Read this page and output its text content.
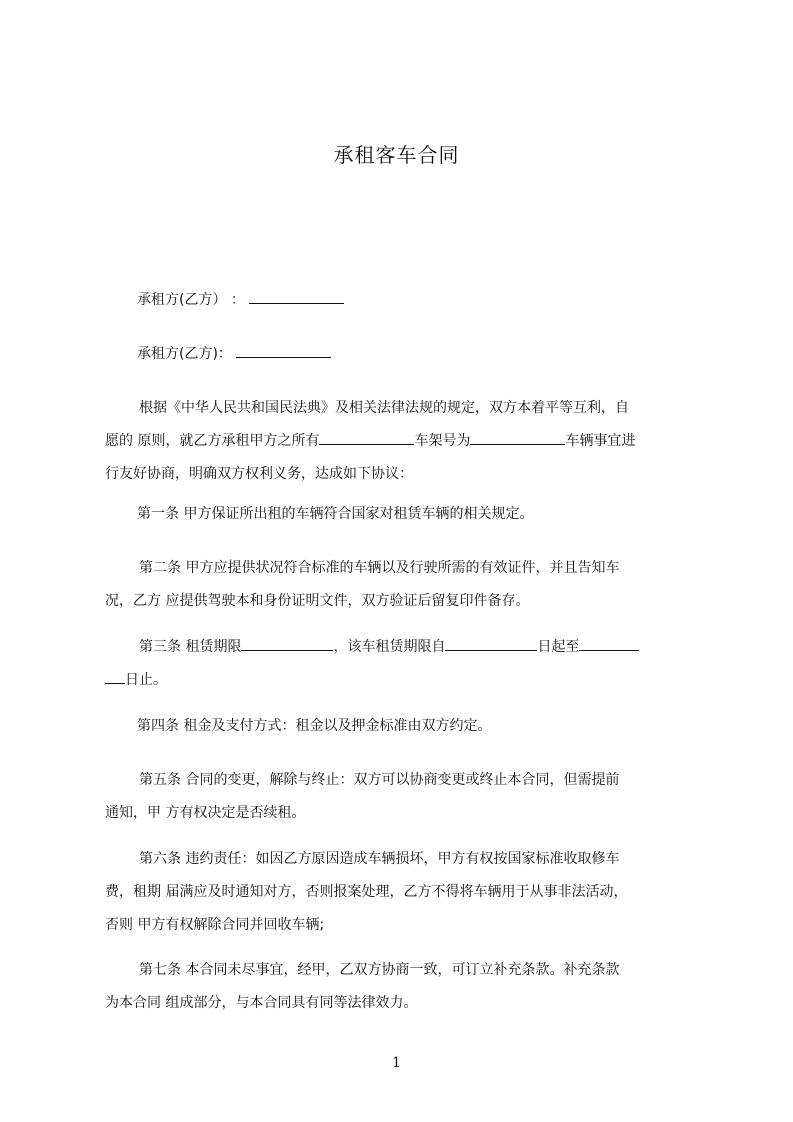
承租客车合同
承租方(乙方） ：
承租方(乙方)：
根据《中华人民共和国民法典》及相关法律法规的规定，双方本着平等互利，自
愿的 原则，就乙方承租甲方之所有	车架号为	车辆事宜进
行友好协商，明确双方权利义务，达成如下协议：
第一条 甲方保证所出租的车辆符合国家对租赁车辆的相关规定。
第二条 甲方应提供状况符合标准的车辆以及行驶所需的有效证件，并且告知车
况，乙方 应提供驾驶本和身份证明文件，双方验证后留复印件备存。
第三条 租赁期限	，该车租赁期限自	日起至
日止。
第四条 租金及支付方式：租金以及押金标准由双方约定。
第五条 合同的变更，解除与终止：双方可以协商变更或终止本合同，但需提前
通知，甲 方有权决定是否续租。
第六条 违约责任：如因乙方原因造成车辆损坏，甲方有权按国家标准收取修车
费，租期 届满应及时通知对方，否则报案处理，乙方不得将车辆用于从事非法活动，
否则 甲方有权解除合同并回收车辆;
第七条 本合同未尽事宜，经甲，乙双方协商一致，可订立补充条款。补充条款
为本合同 组成部分，与本合同具有同等法律效力。
1
